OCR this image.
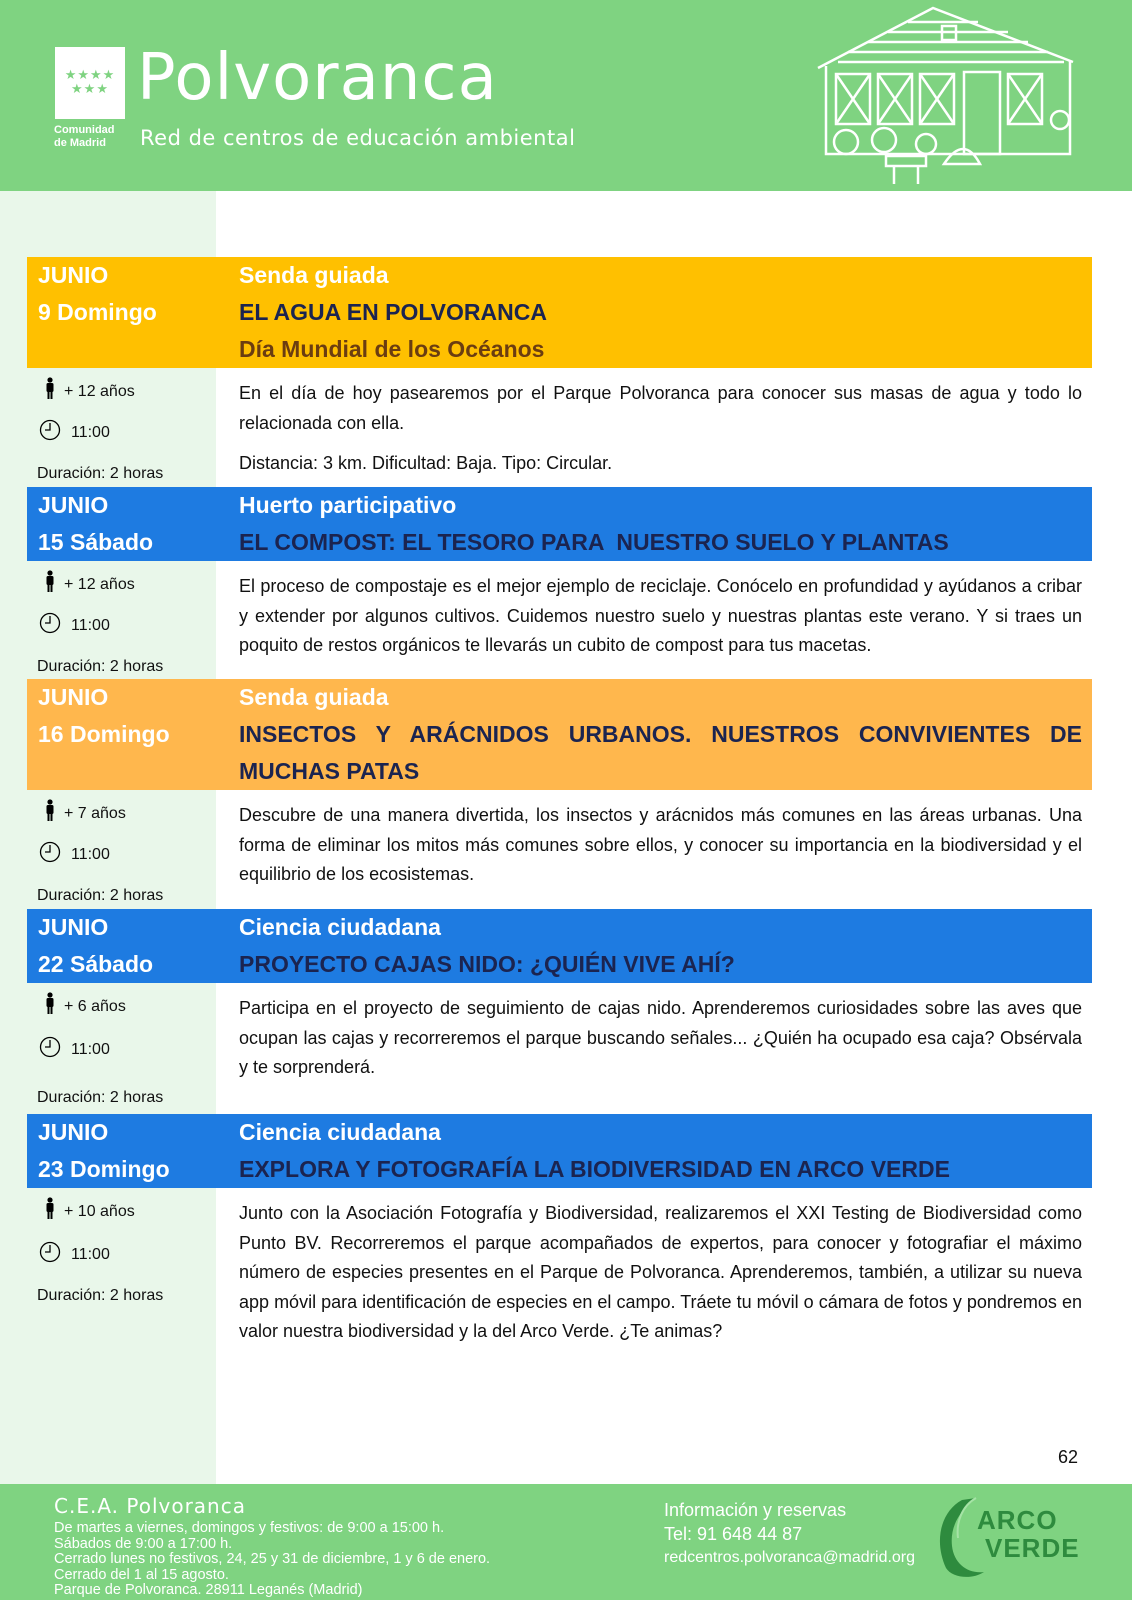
★★★★ ★★★
Comunidad
de Madrid
Polvoranca
Red de centros de educación ambiental
JUNIO
9 Domingo
Senda guiada
EL AGUA EN POLVORANCA
Día Mundial de los Océanos
+ 12 años
11:00
Duración: 2 horas

En el día de hoy pasearemos por el Parque Polvoranca para conocer sus masas de agua y todo lo relacionada con ella.

Distancia: 3 km. Dificultad: Baja. Tipo: Circular.

JUNIO
15 Sábado
Huerto participativo
EL COMPOST: EL TESORO PARA  NUESTRO SUELO Y PLANTAS
+ 12 años
11:00
Duración: 2 horas

El proceso de compostaje es el mejor ejemplo de reciclaje. Conócelo en profundidad y ayúdanos a cribar y extender por algunos cultivos. Cuidemos nuestro suelo y nuestras plantas este verano. Y si traes un poquito de restos orgánicos te llevarás un cubito de compost para tus macetas.

JUNIO
16 Domingo
Senda guiada
INSECTOS Y ARÁCNIDOS URBANOS. NUESTROS CONVIVIENTES DE MUCHAS PATAS
+ 7 años
11:00
Duración: 2 horas

Descubre de una manera divertida, los insectos y arácnidos más comunes en las áreas urbanas. Una forma de eliminar los mitos más comunes sobre ellos, y conocer su importancia en la biodiversidad y el equilibrio de los ecosistemas.

JUNIO
22 Sábado
Ciencia ciudadana
PROYECTO CAJAS NIDO: ¿QUIÉN VIVE AHÍ?
+ 6 años
11:00
Duración: 2 horas

Participa en el proyecto de seguimiento de cajas nido. Aprenderemos curiosidades sobre las aves que ocupan las cajas y recorreremos el parque buscando señales... ¿Quién ha ocupado esa caja? Obsérvala y te sorprenderá.

JUNIO
23 Domingo
Ciencia ciudadana
EXPLORA Y FOTOGRAFÍA LA BIODIVERSIDAD EN ARCO VERDE
+ 10 años
11:00
Duración: 2 horas

Junto con la Asociación Fotografía y Biodiversidad, realizaremos el XXI Testing de Biodiversidad como Punto BV. Recorreremos el parque acompañados de expertos, para conocer y fotografiar el máximo número de especies presentes en el Parque de Polvoranca. Aprenderemos, también, a utilizar su nueva app móvil para identificación de especies en el campo. Tráete tu móvil o cámara de fotos y pondremos en valor nuestra biodiversidad y la del Arco Verde. ¿Te animas?

62
C.E.A. Polvoranca
De martes a viernes, domingos y festivos: de 9:00 a 15:00 h.
Sábados de 9:00 a 17:00 h.
Cerrado lunes no festivos, 24, 25 y 31 de diciembre, 1 y 6 de enero.
Cerrado del 1 al 15 agosto.
Parque de Polvoranca. 28911 Leganés (Madrid)
Información y reservas
Tel: 91 648 44 87
redcentros.polvoranca@madrid.org
ARCO
VERDE
